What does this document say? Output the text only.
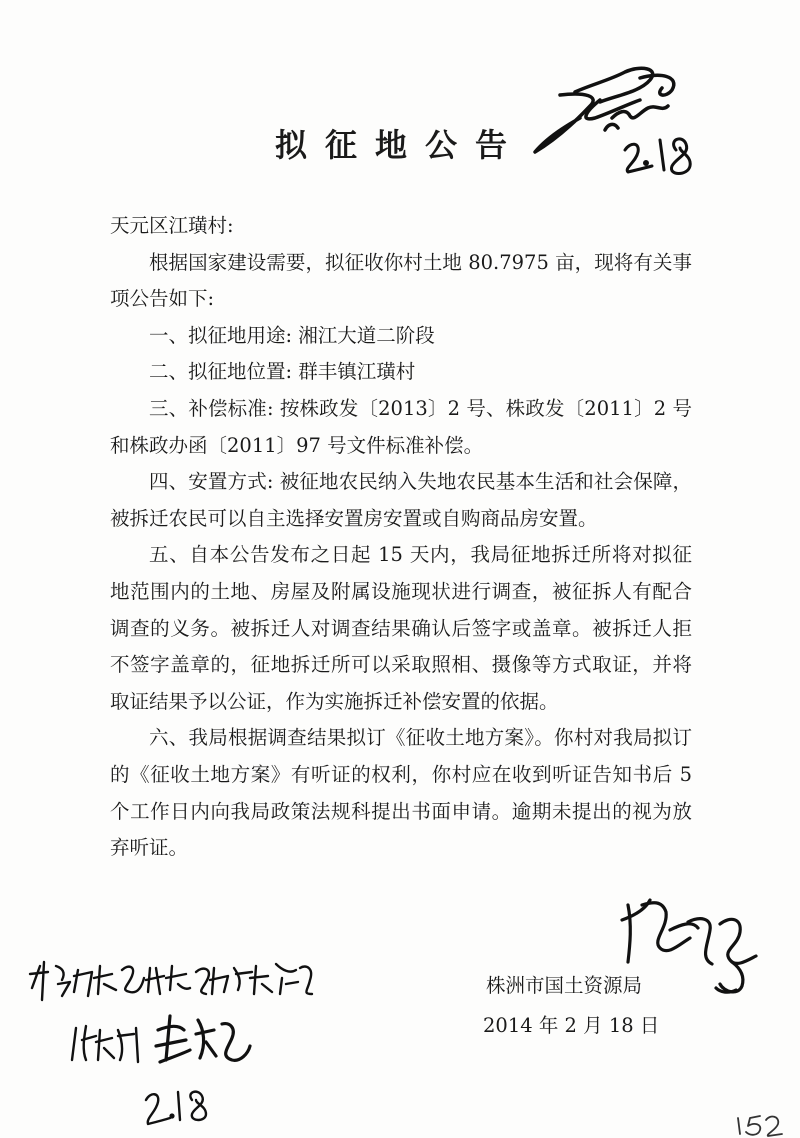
拟征地公告

天元区江璜村:

根据国家建设需要，拟征收你村土地 80.7975 亩，现将有关事项公告如下:

一、拟征地用途: 湘江大道二阶段

二、拟征地位置: 群丰镇江璜村

三、补偿标准: 按株政发〔2013〕2 号、株政发〔2011〕2 号和株政办函〔2011〕97 号文件标准补偿。

四、安置方式: 被征地农民纳入失地农民基本生活和社会保障，被拆迁农民可以自主选择安置房安置或自购商品房安置。

五、自本公告发布之日起 15 天内，我局征地拆迁所将对拟征地范围内的土地、房屋及附属设施现状进行调查，被征拆人有配合调查的义务。被拆迁人对调查结果确认后签字或盖章。被拆迁人拒不签字盖章的，征地拆迁所可以采取照相、摄像等方式取证，并将取证结果予以公证，作为实施拆迁补偿安置的依据。

六、我局根据调查结果拟订《征收土地方案》。你村对我局拟订的《征收土地方案》有听证的权利，你村应在收到听证告知书后 5 个工作日内向我局政策法规科提出书面申请。逾期未提出的视为放弃听证。

株洲市国土资源局
2014 年 2 月 18 日
